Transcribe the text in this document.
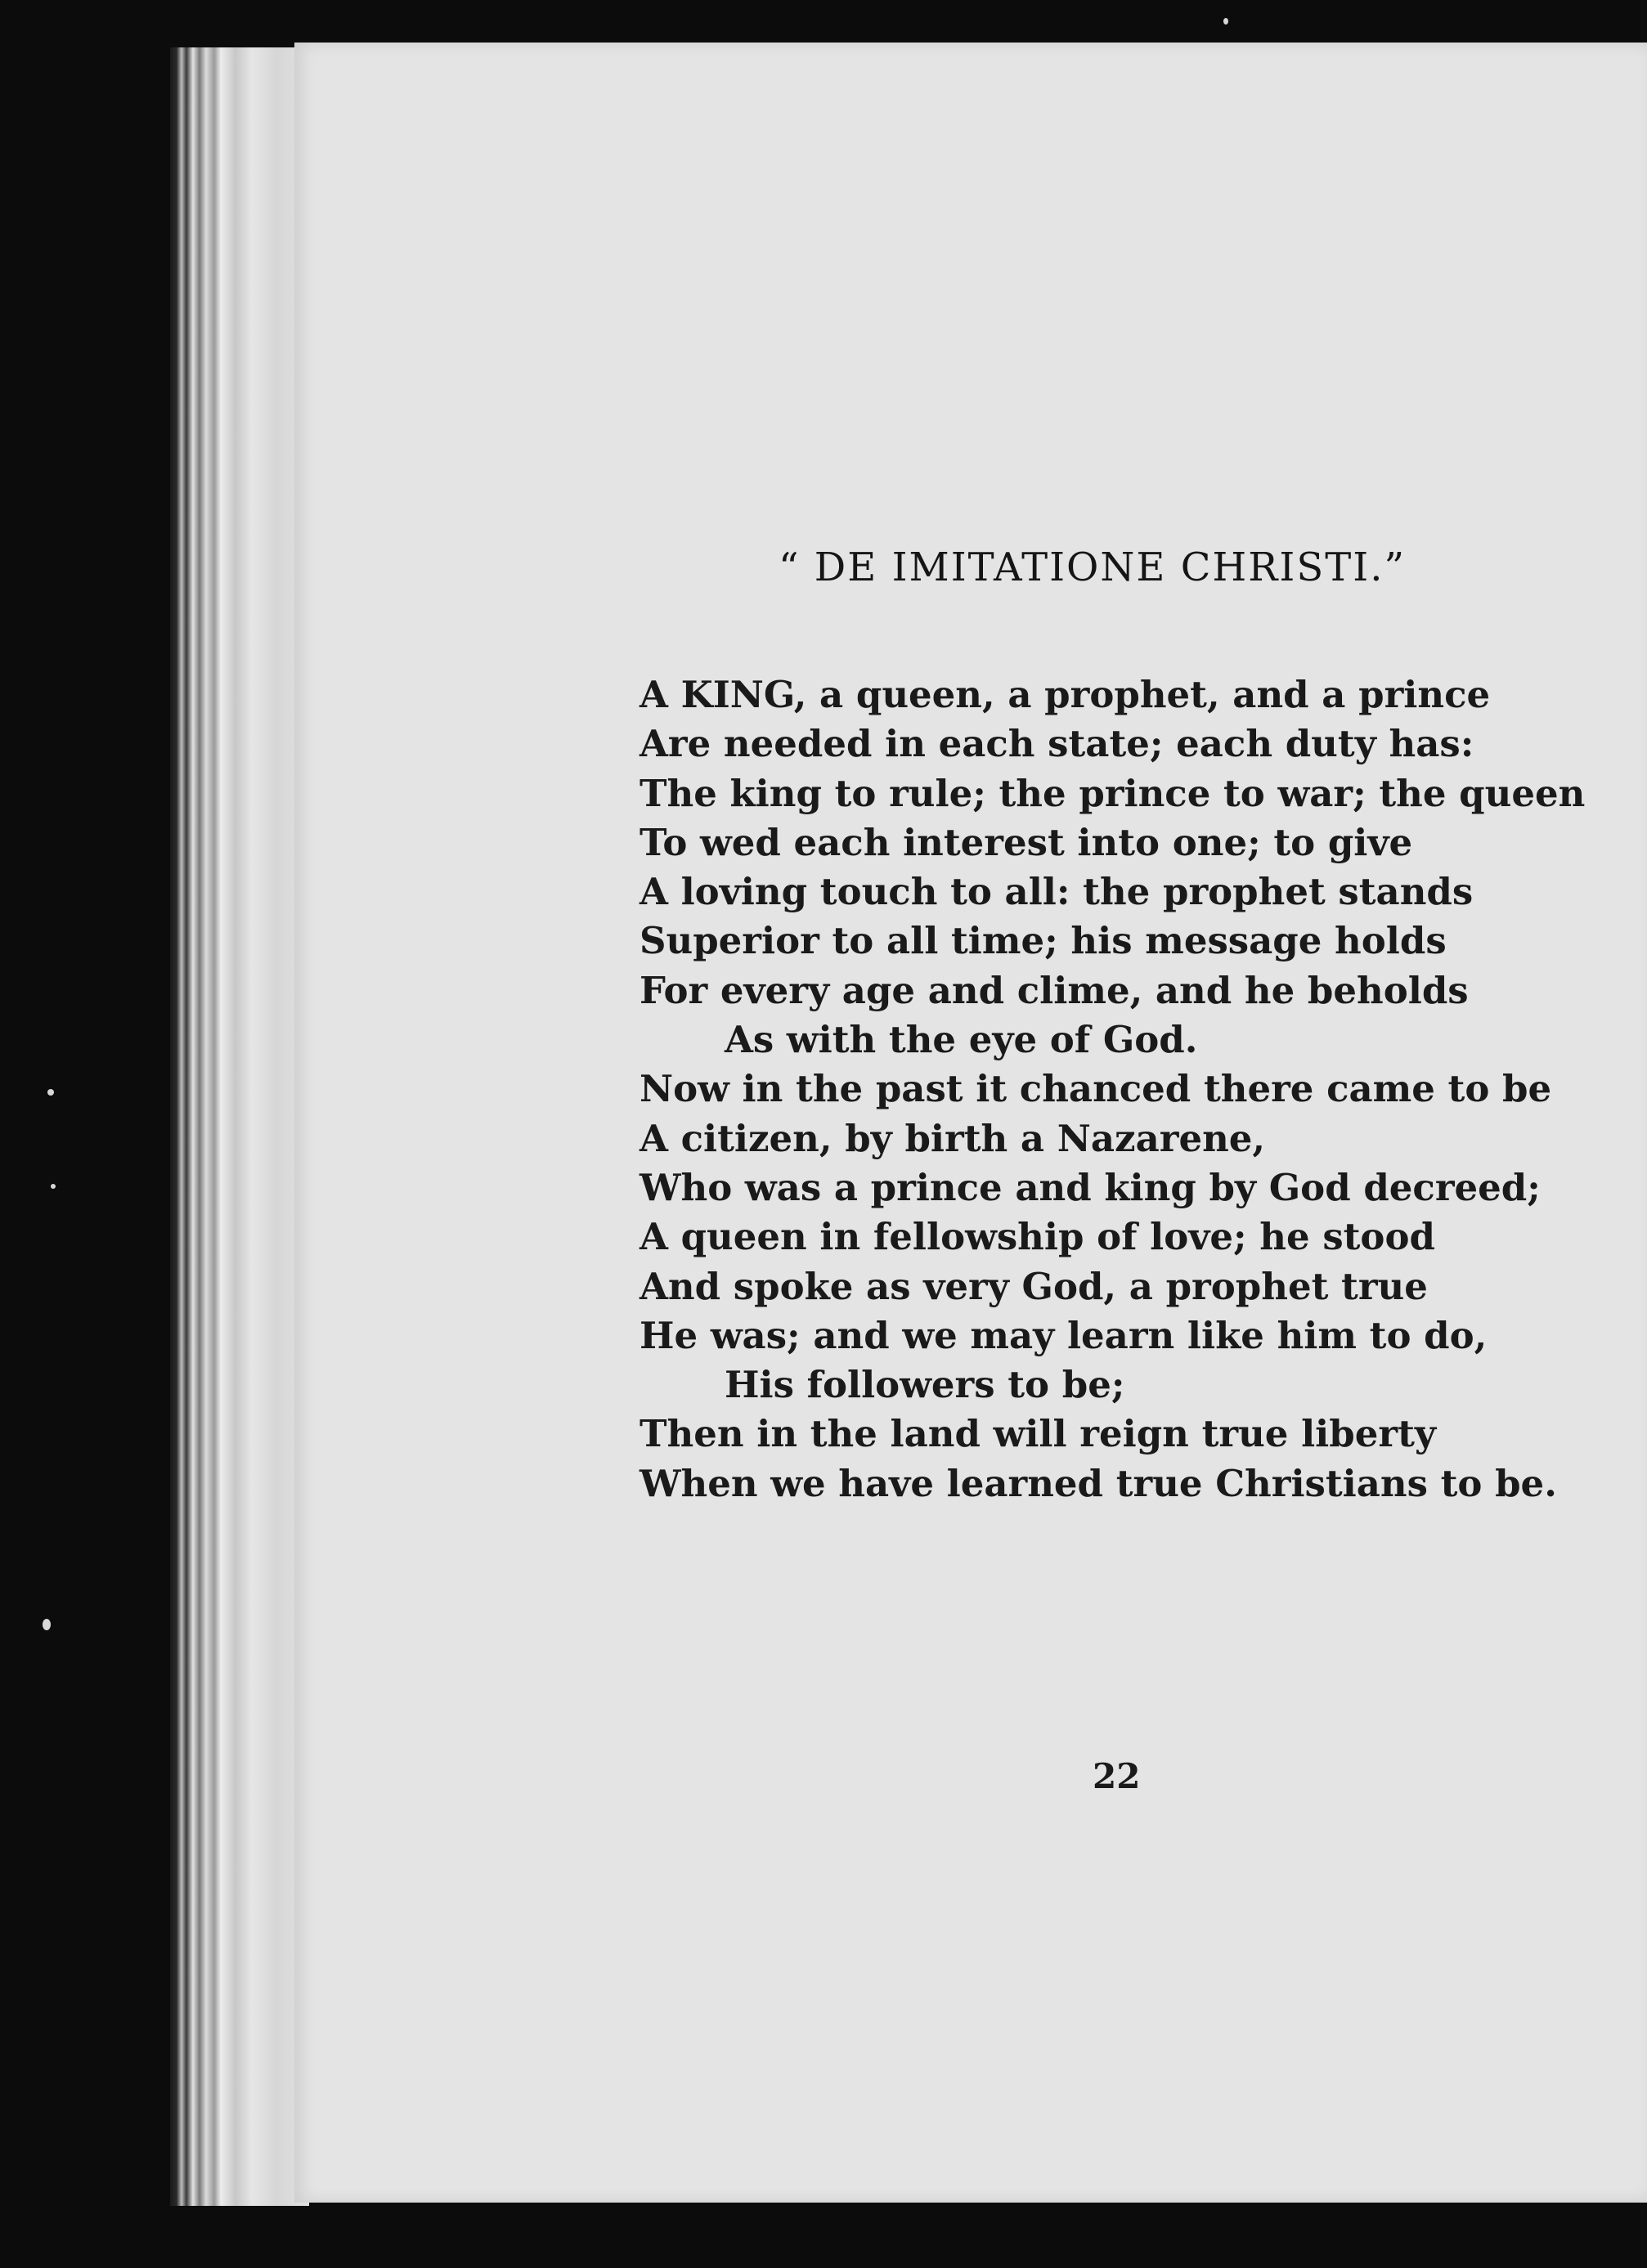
“ DE IMITATIONE CHRISTI.”
A KING, a queen, a prophet, and a prince
Are needed in each state; each duty has:
The king to rule; the prince to war; the queen
To wed each interest into one; to give
A loving touch to all: the prophet stands
Superior to all time; his message holds
For every age and clime, and he beholds
As with the eye of God.
Now in the past it chanced there came to be
A citizen, by birth a Nazarene,
Who was a prince and king by God decreed;
A queen in fellowship of love; he stood
And spoke as very God, a prophet true
He was; and we may learn like him to do,
His followers to be;
Then in the land will reign true liberty
When we have learned true Christians to be.
22
